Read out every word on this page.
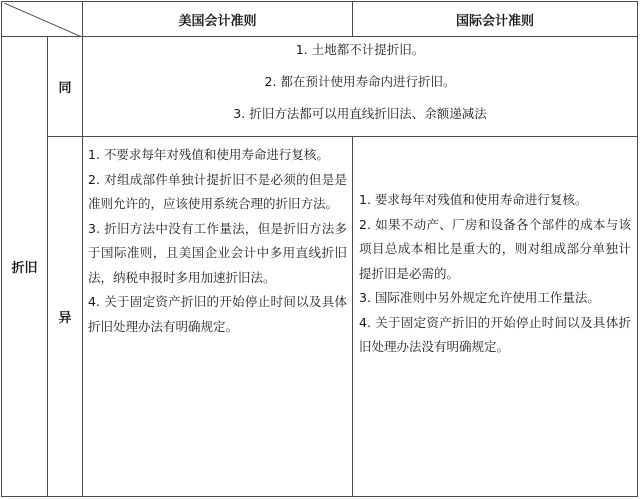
美国会计准则	国际会计准则
折旧
同

1. 土地都不计提折旧。

2. 都在预计使用寿命内进行折旧。

3. 折旧方法都可以用直线折旧法、余额递减法

异

1. 不要求每年对残值和使用寿命进行复核。

2. 对组成部件单独计提折旧不是必须的但是是准则允许的，应该使用系统合理的折旧方法。

3. 折旧方法中没有工作量法，但是折旧方法多于国际准则，且美国企业会计中多用直线折旧法，纳税申报时多用加速折旧法。

4. 关于固定资产折旧的开始停止时间以及具体折旧处理办法有明确规定。

1. 要求每年对残值和使用寿命进行复核。

2. 如果不动产、厂房和设备各个部件的成本与该项目总成本相比是重大的，则对组成部分单独计提折旧是必需的。

3. 国际准则中另外规定允许使用工作量法。

4. 关于固定资产折旧的开始停止时间以及具体折旧处理办法没有明确规定。
